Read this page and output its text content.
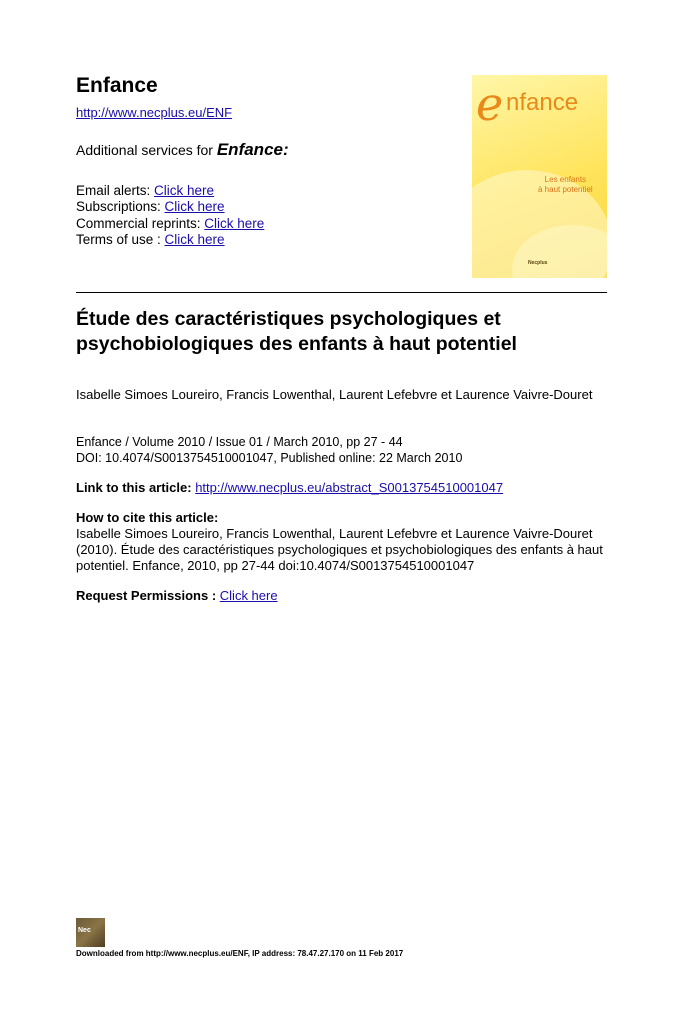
Enfance
http://www.necplus.eu/ENF
Additional services for Enfance:
Email alerts: Click here
Subscriptions: Click here
Commercial reprints: Click here
Terms of use : Click here
e nfance
Les enfants
à haut potentiel
Necplus
Étude des caractéristiques psychologiques et
psychobiologiques des enfants à haut potentiel
Isabelle Simoes Loureiro, Francis Lowenthal, Laurent Lefebvre et Laurence Vaivre-Douret
Enfance / Volume 2010 / Issue 01 / March 2010, pp 27 - 44
DOI: 10.4074/S0013754510001047, Published online: 22 March 2010
Link to this article: http://www.necplus.eu/abstract_S0013754510001047
How to cite this article:
Isabelle Simoes Loureiro, Francis Lowenthal, Laurent Lefebvre et Laurence Vaivre-Douret (2010). Étude des caractéristiques psychologiques et psychobiologiques des enfants à haut potentiel. Enfance, 2010, pp 27-44 doi:10.4074/S0013754510001047
Request Permissions : Click here
Nec
Downloaded from http://www.necplus.eu/ENF, IP address: 78.47.27.170 on 11 Feb 2017
